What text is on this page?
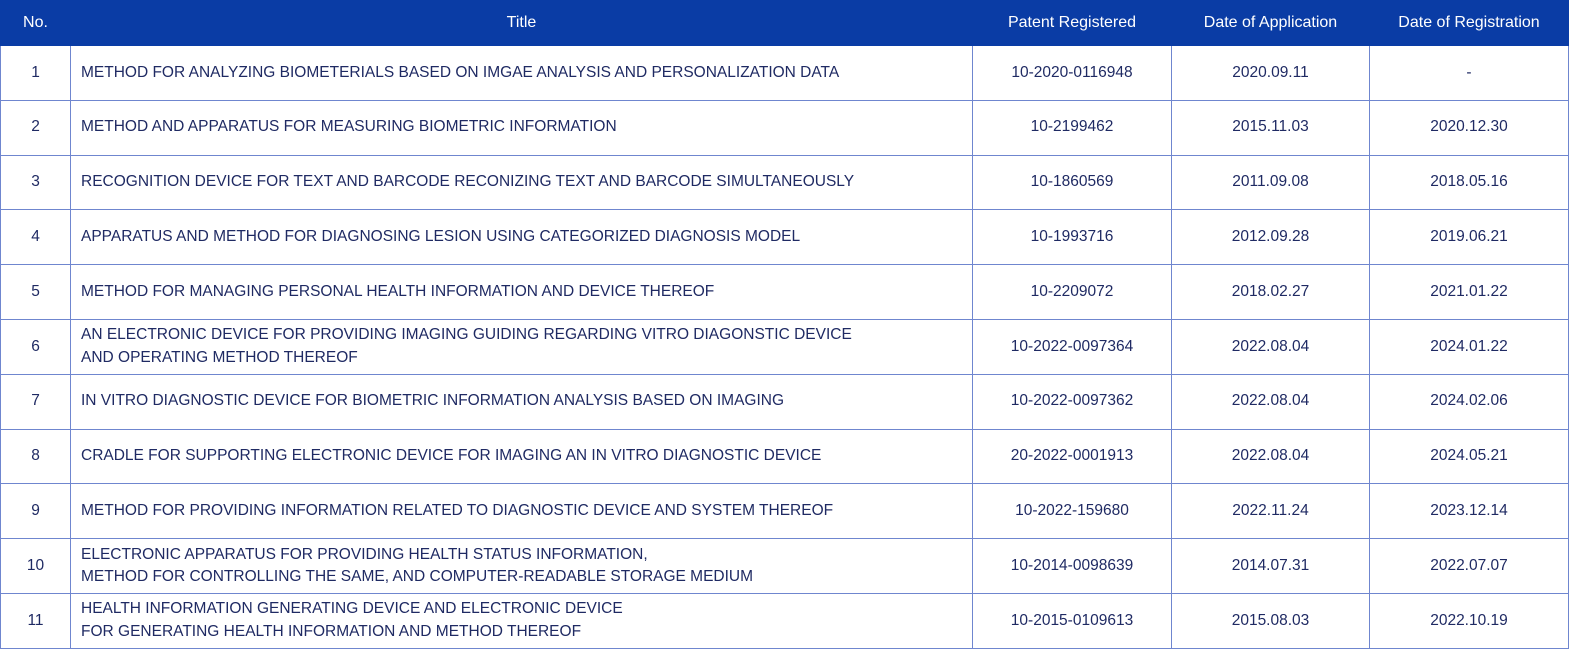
No.	Title	Patent Registered	Date of Application	Date of Registration
1	METHOD FOR ANALYZING BIOMETERIALS BASED ON IMGAE ANALYSIS AND PERSONALIZATION DATA	10-2020-0116948	2020.09.11	-
2	METHOD AND APPARATUS FOR MEASURING BIOMETRIC INFORMATION	10-2199462	2015.11.03	2020.12.30
3	RECOGNITION DEVICE FOR TEXT AND BARCODE RECONIZING TEXT AND BARCODE SIMULTANEOUSLY	10-1860569	2011.09.08	2018.05.16
4	APPARATUS AND METHOD FOR DIAGNOSING LESION USING CATEGORIZED DIAGNOSIS MODEL	10-1993716	2012.09.28	2019.06.21
5	METHOD FOR MANAGING PERSONAL HEALTH INFORMATION AND DEVICE THEREOF	10-2209072	2018.02.27	2021.01.22
6	AN ELECTRONIC DEVICE FOR PROVIDING IMAGING GUIDING REGARDING VITRO DIAGONSTIC DEVICE
AND OPERATING METHOD THEREOF	10-2022-0097364	2022.08.04	2024.01.22
7	IN VITRO DIAGNOSTIC DEVICE FOR BIOMETRIC INFORMATION ANALYSIS BASED ON IMAGING	10-2022-0097362	2022.08.04	2024.02.06
8	CRADLE FOR SUPPORTING ELECTRONIC DEVICE FOR IMAGING AN IN VITRO DIAGNOSTIC DEVICE	20-2022-0001913	2022.08.04	2024.05.21
9	METHOD FOR PROVIDING INFORMATION RELATED TO DIAGNOSTIC DEVICE AND SYSTEM THEREOF	10-2022-159680	2022.11.24	2023.12.14
10	ELECTRONIC APPARATUS FOR PROVIDING HEALTH STATUS INFORMATION,
METHOD FOR CONTROLLING THE SAME, AND COMPUTER-READABLE STORAGE MEDIUM	10-2014-0098639	2014.07.31	2022.07.07
11	HEALTH INFORMATION GENERATING DEVICE AND ELECTRONIC DEVICE
FOR GENERATING HEALTH INFORMATION AND METHOD THEREOF	10-2015-0109613	2015.08.03	2022.10.19
